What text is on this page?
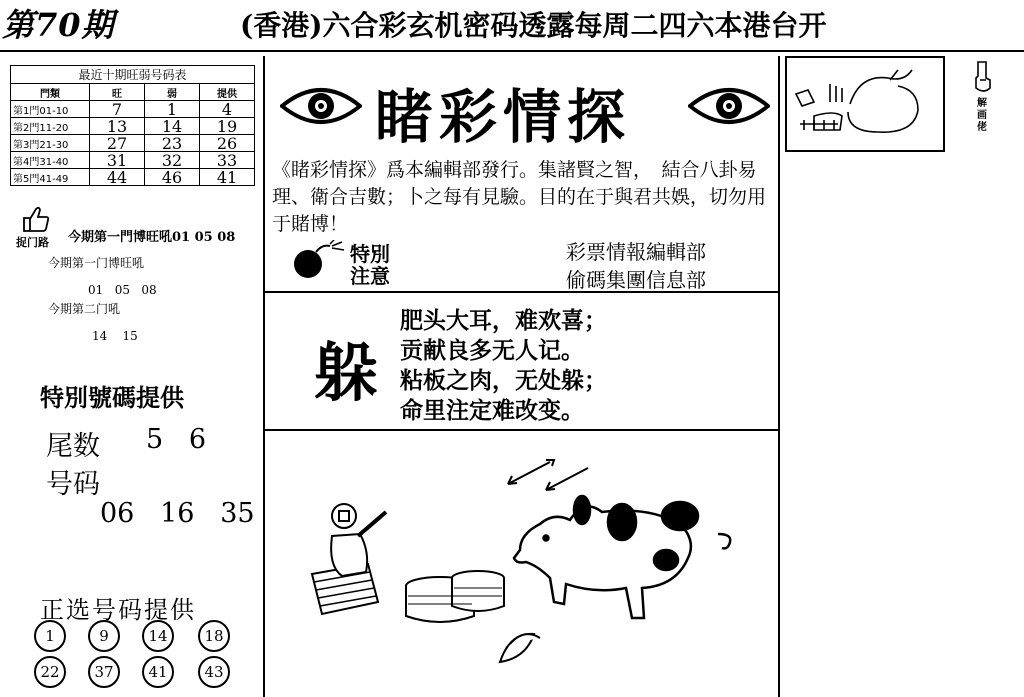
第70期	(香港)六合彩玄机密码透露每周二四六本港台开
最近十期旺弱号码表			
門類	旺	弱	提供
第1門01-10	7	1	4
第2門11-20	13	14	19
第3門21-30	27	23	26
第4門31-40	31	32	33
第5門41-49	44	46	41
捉门路 今期第一門博旺吼01 05 08
今期第一门博旺吼
01   05   08
今期第二门吼
14    15
特別號碼提供
尾数 5   6
号码
06   16   35
正选号码提供
1	9	14	18
22	37	41	43
睹彩情探
《睹彩情探》爲本編輯部發行。集諸賢之智，　結合八卦易理、衛合吉數；卜之每有見驗。目的在于與君共娛，切勿用于賭博！
特別
注意
彩票情報編輯部
偷碼集團信息部
躲
肥头大耳，难欢喜；
贡献良多无人记。
粘板之肉，无处躲；
命里注定难改变。
解画佬
